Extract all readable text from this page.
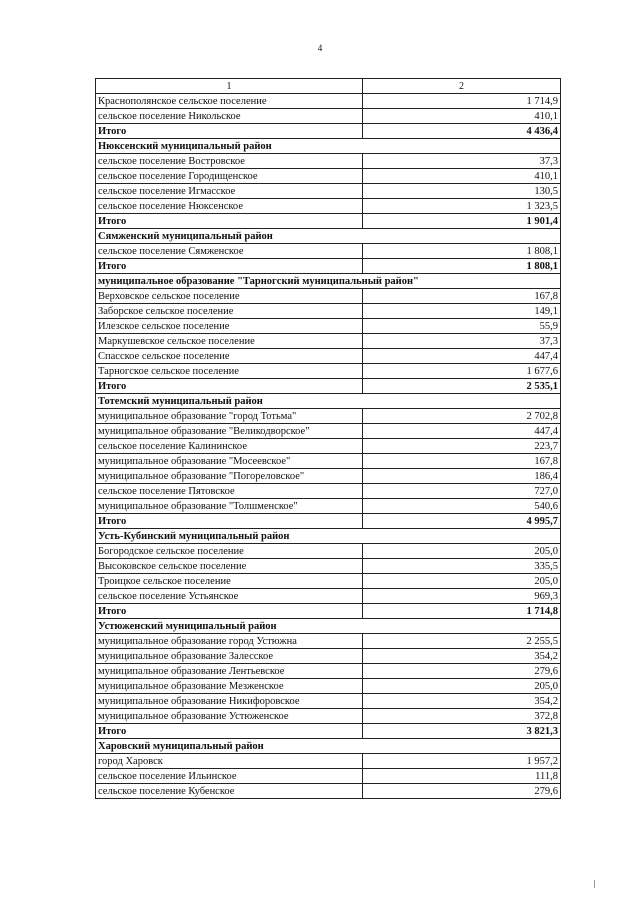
4
1	2
Краснополянское сельское поселение	1 714,9
сельское поселение Никольское	410,1
Итого	4 436,4
Нюксенский муниципальный район	
сельское поселение Востровское	37,3
сельское поселение Городищенское	410,1
сельское поселение Игмасское	130,5
сельское поселение Нюксенское	1 323,5
Итого	1 901,4
Сямженский муниципальный район	
сельское поселение Сямженское	1 808,1
Итого	1 808,1
муниципальное образование "Тарногский муниципальный район"	
Верховское сельское поселение	167,8
Заборское сельское поселение	149,1
Илезское сельское поселение	55,9
Маркушевское сельское поселение	37,3
Спасское сельское поселение	447,4
Тарногское сельское поселение	1 677,6
Итого	2 535,1
Тотемский муниципальный район	
муниципальное образование "город Тотьма"	2 702,8
муниципальное образование "Великодворское"	447,4
сельское поселение Калининское	223,7
муниципальное образование "Мосеевское"	167,8
муниципальное образование "Погореловское"	186,4
сельское поселение Пятовское	727,0
муниципальное образование "Толшменское"	540,6
Итого	4 995,7
Усть-Кубинский муниципальный район	
Богородское сельское поселение	205,0
Высоковское сельское поселение	335,5
Троицкое сельское поселение	205,0
сельское поселение Устьянское	969,3
Итого	1 714,8
Устюженский муниципальный район	
муниципальное образование город Устюжна	2 255,5
муниципальное образование Залесское	354,2
муниципальное образование Лентьевское	279,6
муниципальное образование Мезженское	205,0
муниципальное образование Никифоровское	354,2
муниципальное образование Устюженское	372,8
Итого	3 821,3
Харовский муниципальный район	
город Харовск	1 957,2
сельское поселение Ильинское	111,8
сельское поселение Кубенское	279,6
